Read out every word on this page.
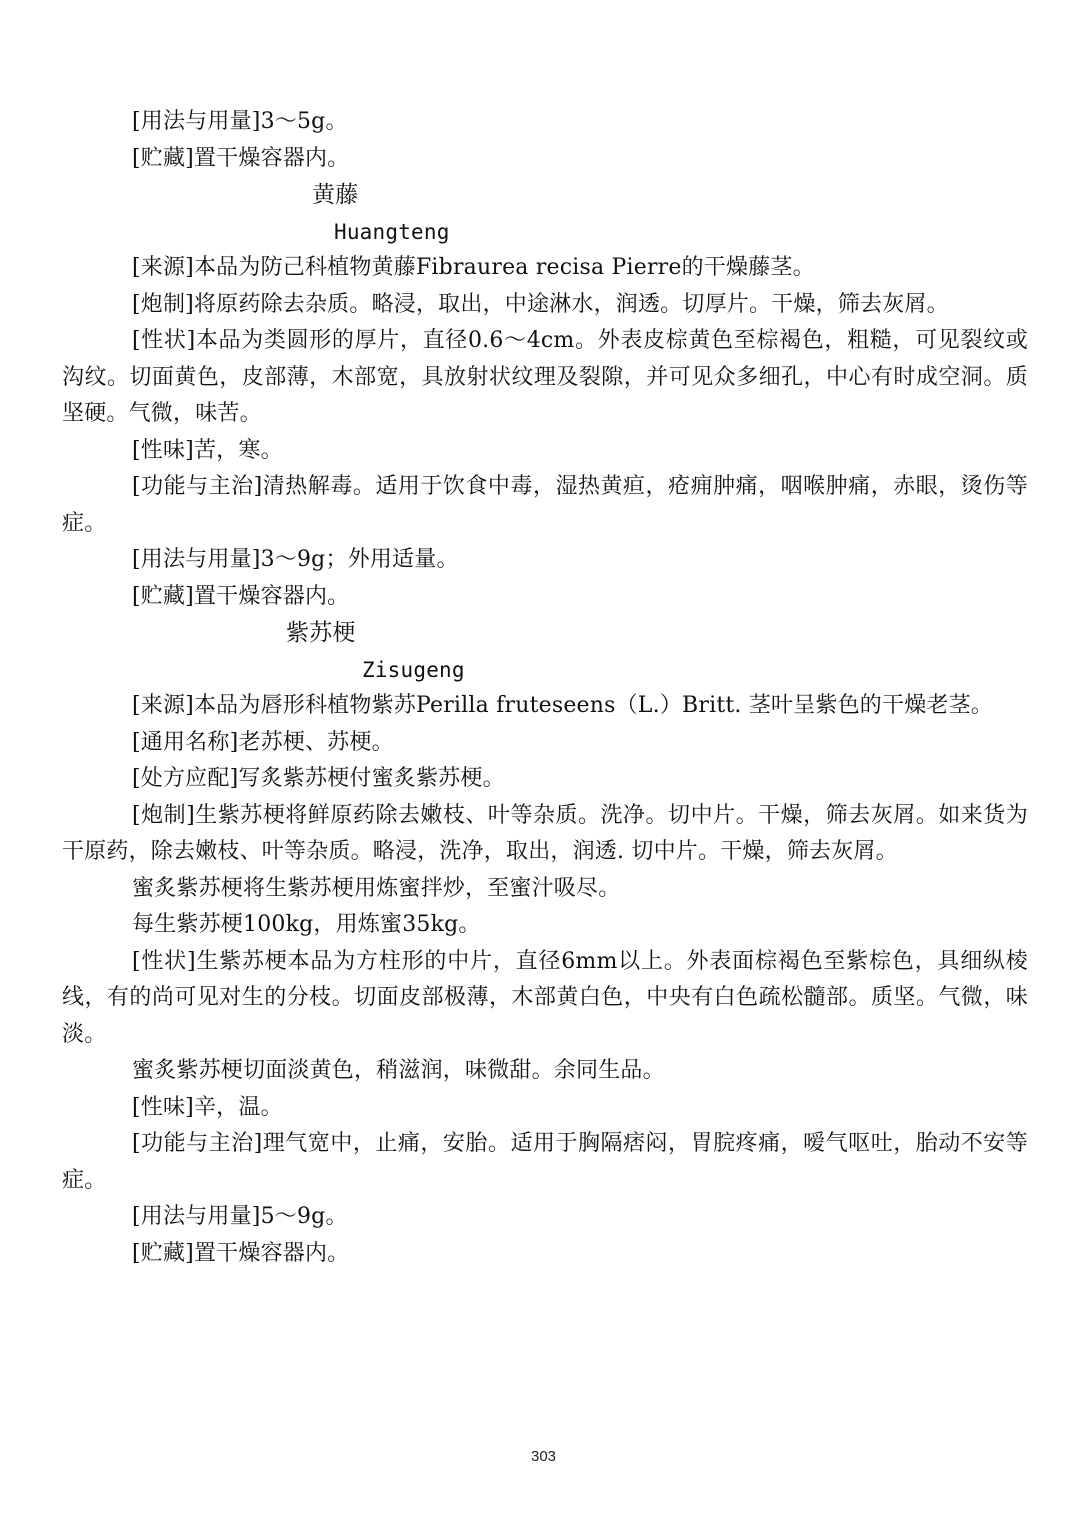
[用法与用量]3～5g。

[贮藏]置干燥容器内。

黄藤

Huangteng

[来源]本品为防己科植物黄藤Fibraurea recisa Pierre的干燥藤茎。

[炮制]将原药除去杂质。略浸，取出，中途淋水，润透。切厚片。干燥，筛去灰屑。

[性状]本品为类圆形的厚片，直径0.6～4cm。外表皮棕黄色至棕褐色，粗糙，可见裂纹或沟纹。切面黄色，皮部薄，木部宽，具放射状纹理及裂隙，并可见众多细孔，中心有时成空洞。质坚硬。气微，味苦。

[性味]苦，寒。

[功能与主治]清热解毒。适用于饮食中毒，湿热黄疸，疮痈肿痛，咽喉肿痛，赤眼，烫伤等症。

[用法与用量]3～9g；外用适量。

[贮藏]置干燥容器内。

紫苏梗

Zisugeng

[来源]本品为唇形科植物紫苏Perilla fruteseens（L.）Britt. 茎叶呈紫色的干燥老茎。

[通用名称]老苏梗、苏梗。

[处方应配]写炙紫苏梗付蜜炙紫苏梗。

[炮制]生紫苏梗将鲜原药除去嫩枝、叶等杂质。洗净。切中片。干燥，筛去灰屑。如来货为干原药，除去嫩枝、叶等杂质。略浸，洗净，取出，润透. 切中片。干燥，筛去灰屑。

蜜炙紫苏梗将生紫苏梗用炼蜜拌炒，至蜜汁吸尽。

每生紫苏梗100kg，用炼蜜35kg。

[性状]生紫苏梗本品为方柱形的中片，直径6mm以上。外表面棕褐色至紫棕色，具细纵棱线，有的尚可见对生的分枝。切面皮部极薄，木部黄白色，中央有白色疏松髓部。质坚。气微，味淡。

蜜炙紫苏梗切面淡黄色，稍滋润，味微甜。余同生品。

[性味]辛，温。

[功能与主治]理气宽中，止痛，安胎。适用于胸隔痞闷，胃脘疼痛，嗳气呕吐，胎动不安等症。

[用法与用量]5～9g。

[贮藏]置干燥容器内。

303
